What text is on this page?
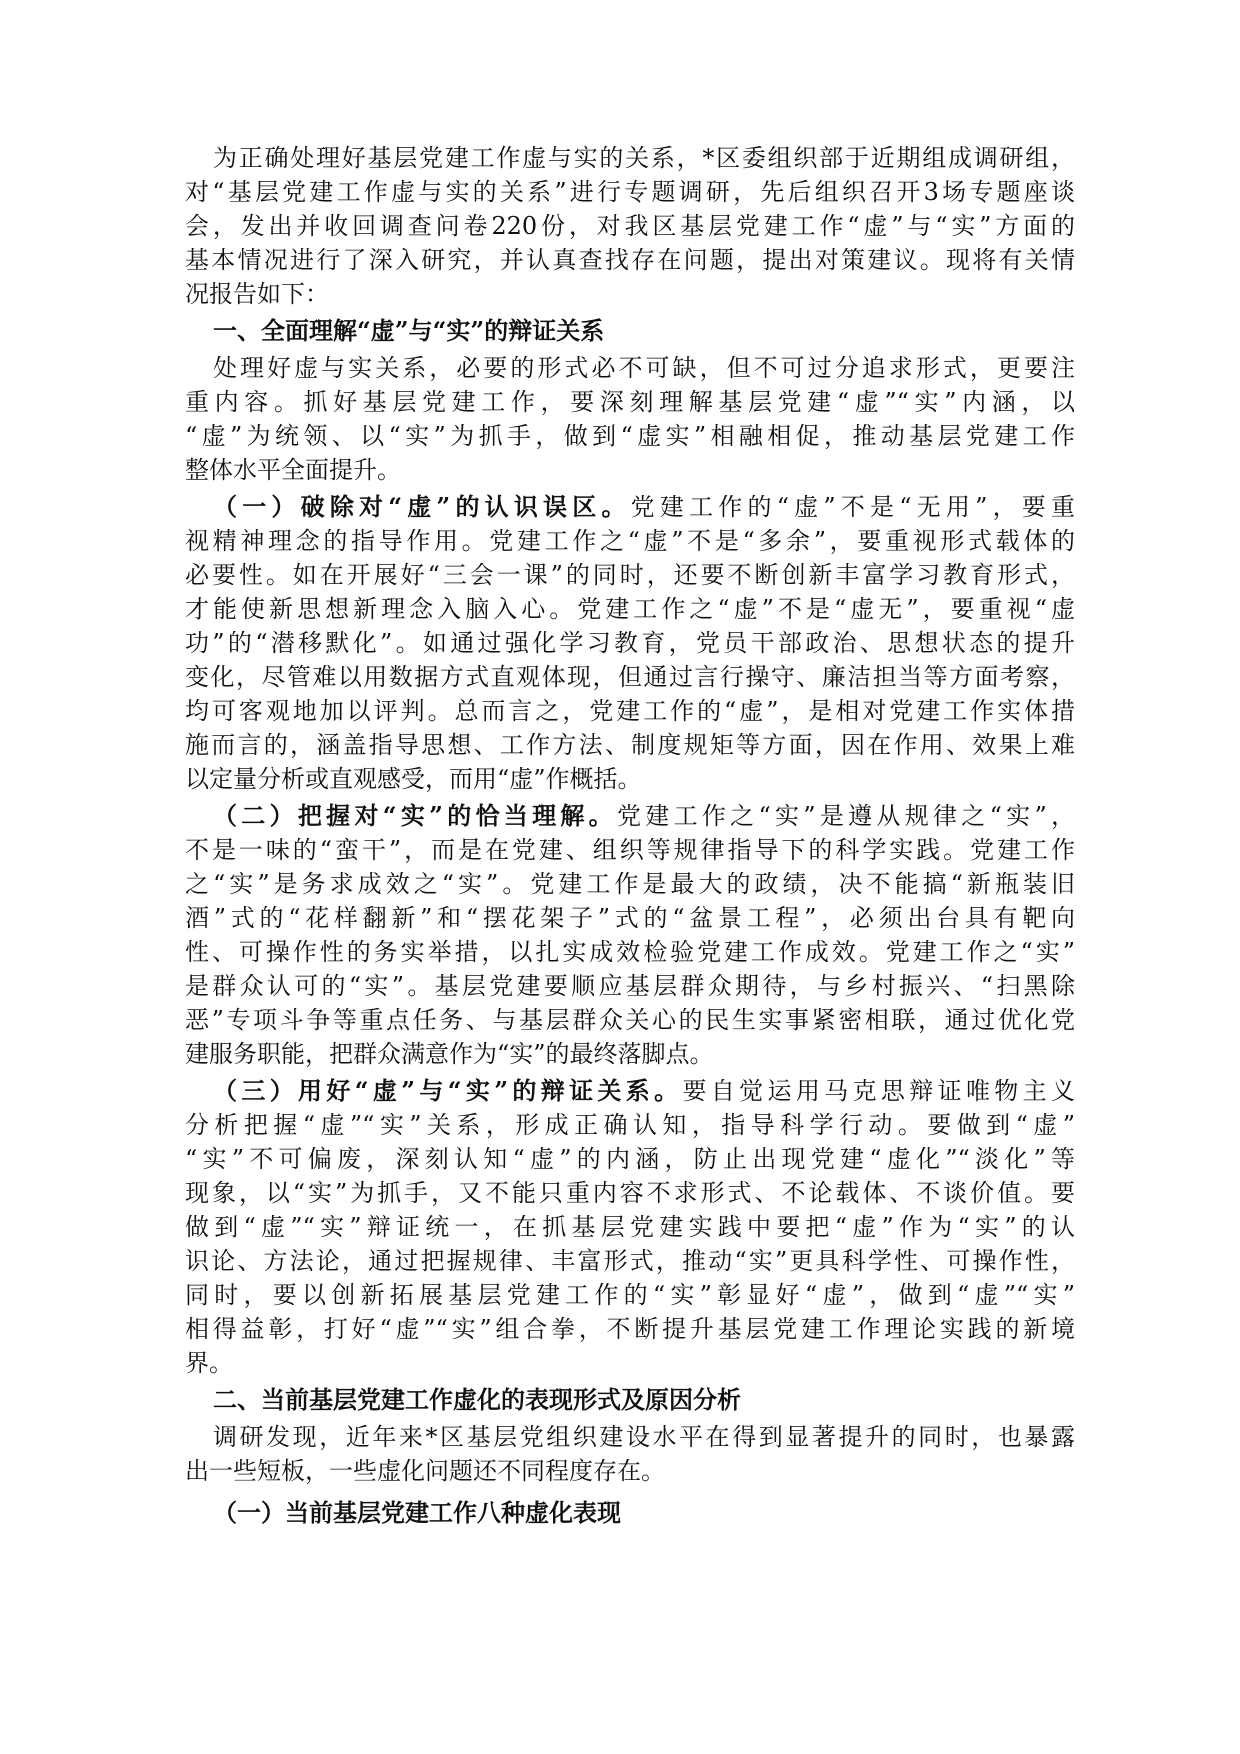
为正确处理好基层党建工作虚与实的关系，*区委组织部于近期组成调研组，
对“基层党建工作虚与实的关系”进行专题调研，先后组织召开3场专题座谈
会，发出并收回调查问卷220份，对我区基层党建工作“虚”与“实”方面的
基本情况进行了深入研究，并认真查找存在问题，提出对策建议。现将有关情
况报告如下：
一、全面理解“虚”与“实”的辩证关系
处理好虚与实关系，必要的形式必不可缺，但不可过分追求形式，更要注
重内容。抓好基层党建工作，要深刻理解基层党建“虚”“实”内涵，以
“虚”为统领、以“实”为抓手，做到“虚实”相融相促，推动基层党建工作
整体水平全面提升。
（一）破除对“虚”的认识误区。党建工作的“虚”不是“无用”，要重
视精神理念的指导作用。党建工作之“虚”不是“多余”，要重视形式载体的
必要性。如在开展好“三会一课”的同时，还要不断创新丰富学习教育形式，
才能使新思想新理念入脑入心。党建工作之“虚”不是“虚无”，要重视“虚
功”的“潜移默化”。如通过强化学习教育，党员干部政治、思想状态的提升
变化，尽管难以用数据方式直观体现，但通过言行操守、廉洁担当等方面考察，
均可客观地加以评判。总而言之，党建工作的“虚”，是相对党建工作实体措
施而言的，涵盖指导思想、工作方法、制度规矩等方面，因在作用、效果上难
以定量分析或直观感受，而用“虚”作概括。
（二）把握对“实”的恰当理解。党建工作之“实”是遵从规律之“实”，
不是一味的“蛮干”，而是在党建、组织等规律指导下的科学实践。党建工作
之“实”是务求成效之“实”。党建工作是最大的政绩，决不能搞“新瓶装旧
酒”式的“花样翻新”和“摆花架子”式的“盆景工程”，必须出台具有靶向
性、可操作性的务实举措，以扎实成效检验党建工作成效。党建工作之“实”
是群众认可的“实”。基层党建要顺应基层群众期待，与乡村振兴、“扫黑除
恶”专项斗争等重点任务、与基层群众关心的民生实事紧密相联，通过优化党
建服务职能，把群众满意作为“实”的最终落脚点。
（三）用好“虚”与“实”的辩证关系。要自觉运用马克思辩证唯物主义
分析把握“虚”“实”关系，形成正确认知，指导科学行动。要做到“虚”
“实”不可偏废，深刻认知“虚”的内涵，防止出现党建“虚化”“淡化”等
现象，以“实”为抓手，又不能只重内容不求形式、不论载体、不谈价值。要
做到“虚”“实”辩证统一，在抓基层党建实践中要把“虚”作为“实”的认
识论、方法论，通过把握规律、丰富形式，推动“实”更具科学性、可操作性，
同时，要以创新拓展基层党建工作的“实”彰显好“虚”，做到“虚”“实”
相得益彰，打好“虚”“实”组合拳，不断提升基层党建工作理论实践的新境
界。
二、当前基层党建工作虚化的表现形式及原因分析
调研发现，近年来*区基层党组织建设水平在得到显著提升的同时，也暴露
出一些短板，一些虚化问题还不同程度存在。
（一）当前基层党建工作八种虚化表现
